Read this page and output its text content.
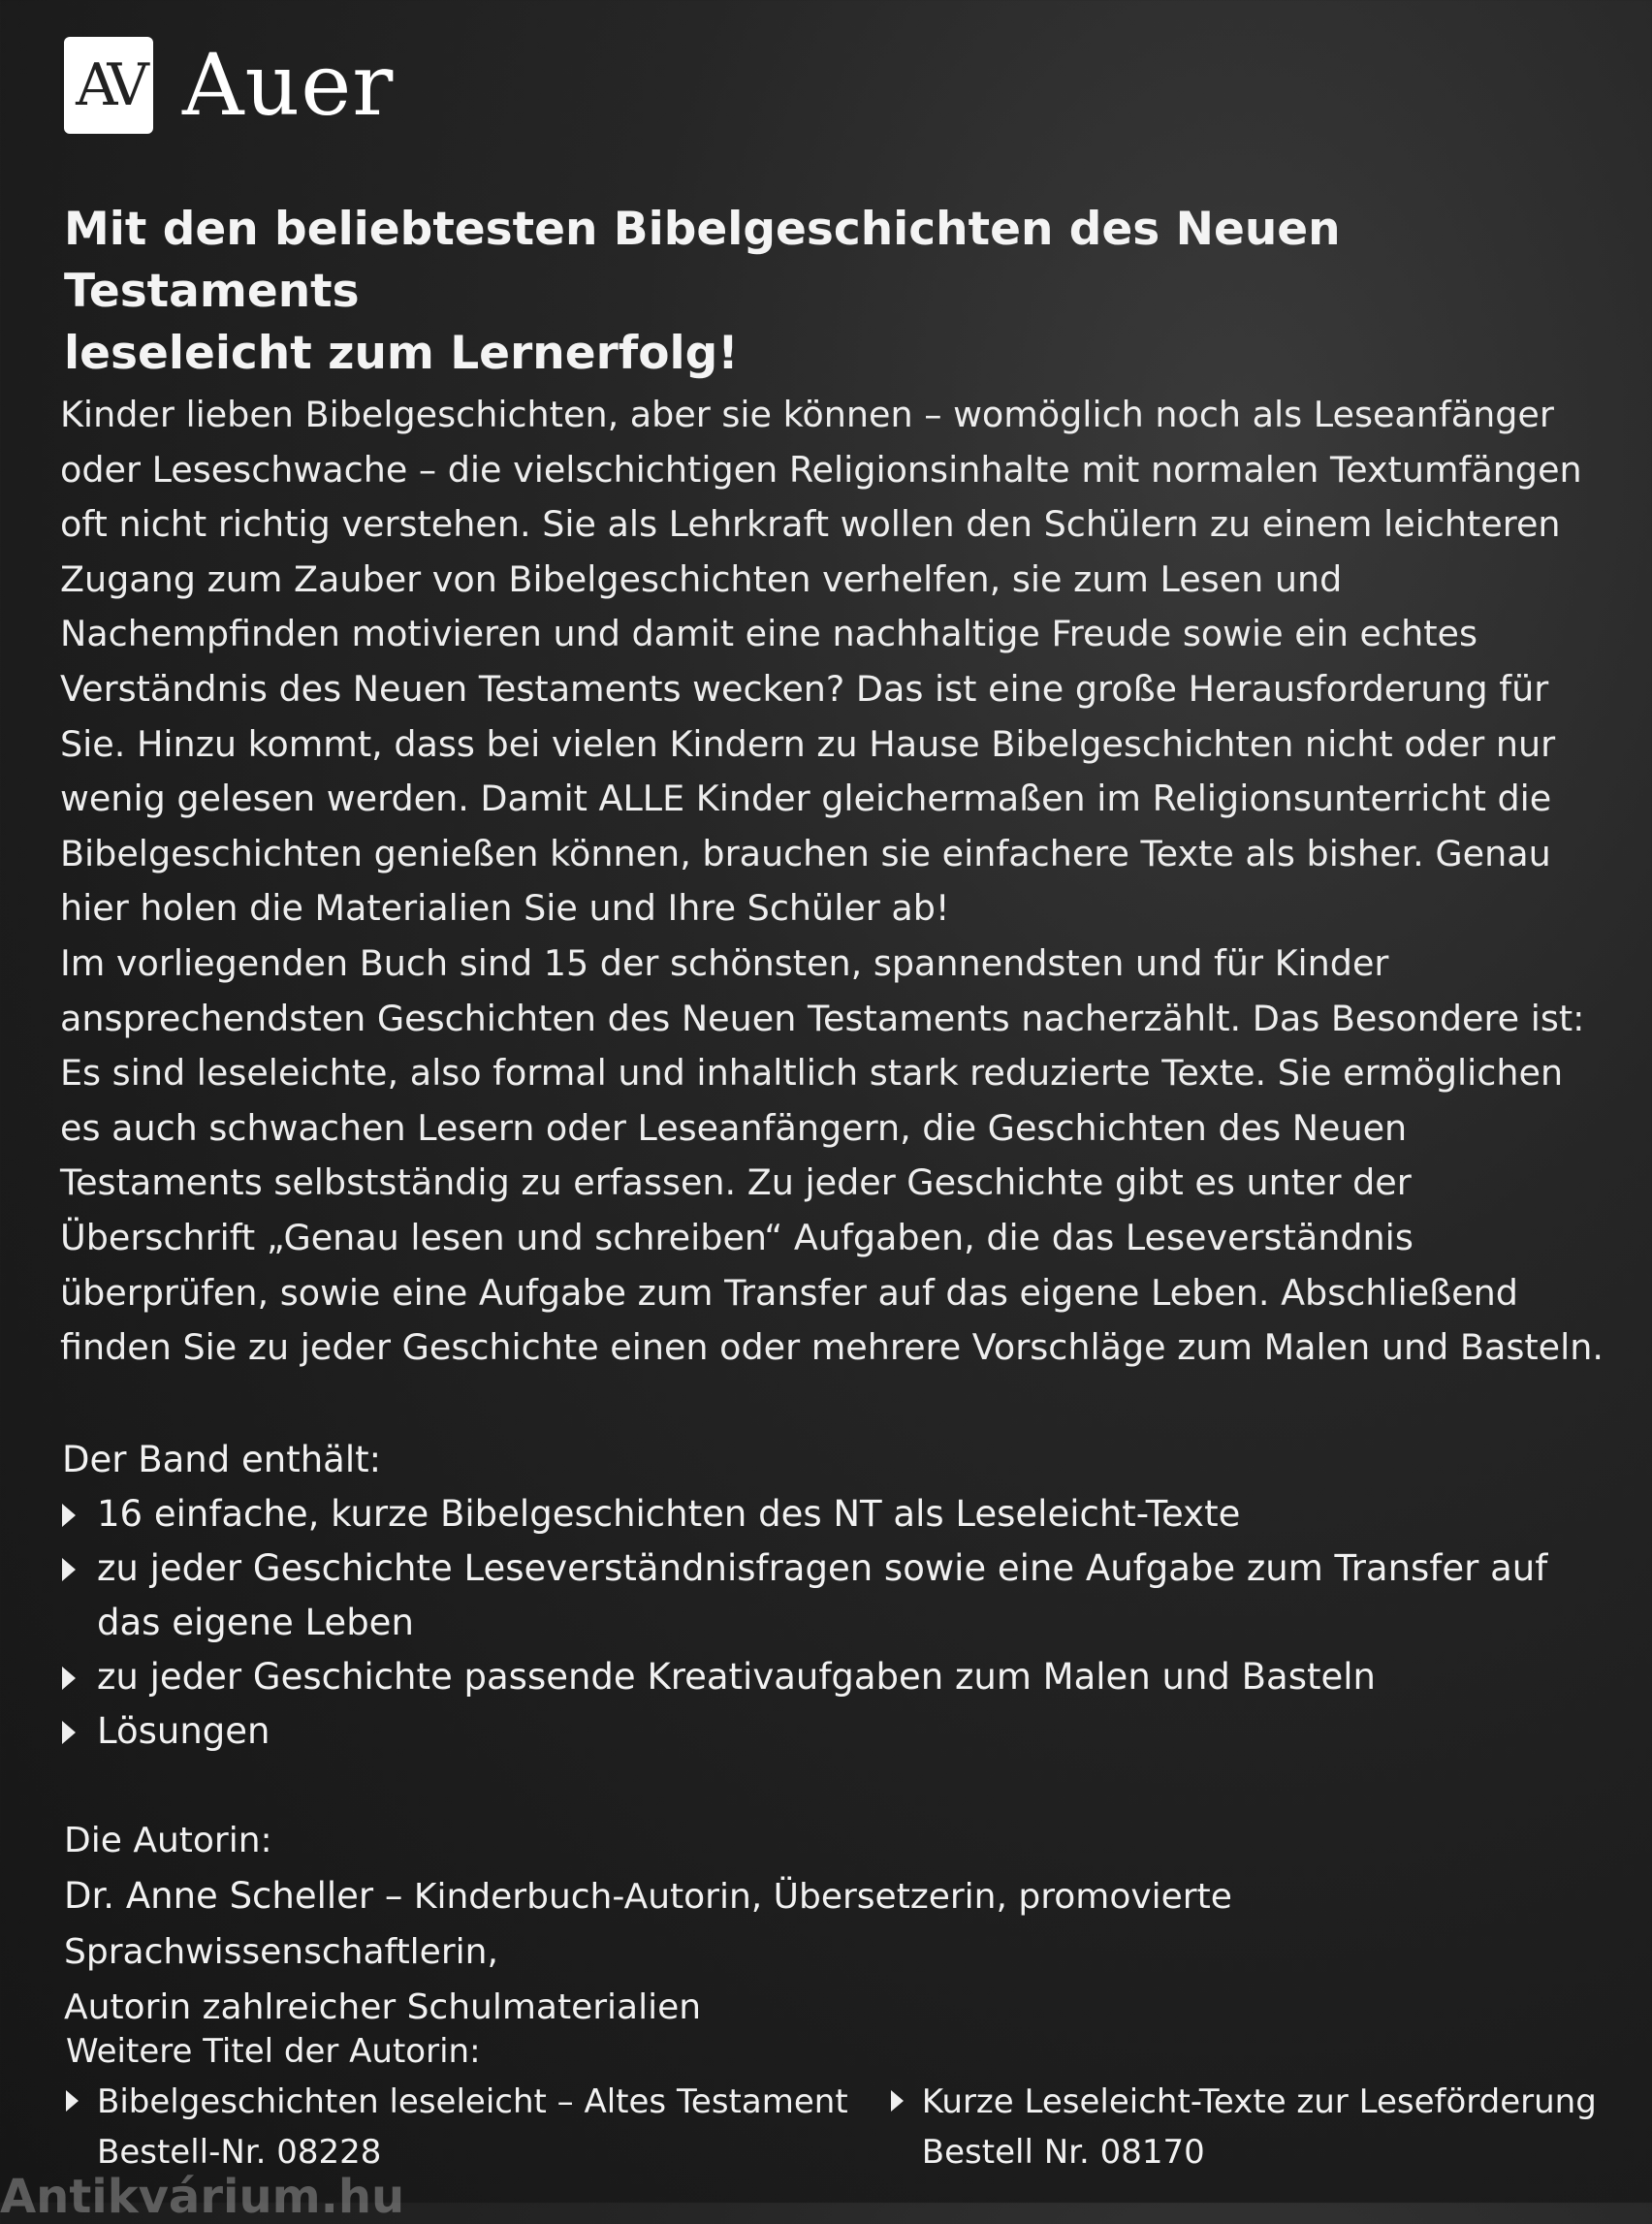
AV Auer
Mit den beliebtesten Bibelgeschichten des Neuen Testaments
leseleicht zum Lernerfolg!

Kinder lieben Bibelgeschichten, aber sie können – womöglich noch als Leseanfänger oder Leseschwache – die vielschichtigen Religionsinhalte mit normalen Textumfängen oft nicht richtig verstehen. Sie als Lehrkraft wollen den Schülern zu einem leichteren Zugang zum Zauber von Bibelgeschichten verhelfen, sie zum Lesen und Nachempfinden motivieren und damit eine nachhaltige Freude sowie ein echtes Verständnis des Neuen Testaments wecken? Das ist eine große Herausforderung für Sie. Hinzu kommt, dass bei vielen Kindern zu Hause Bibelgeschichten nicht oder nur wenig gelesen werden. Damit ALLE Kinder gleichermaßen im Religionsunterricht die Bibelgeschichten genießen können, brauchen sie einfachere Texte als bisher. Genau hier holen die Materialien Sie und Ihre Schüler ab!

Im vorliegenden Buch sind 15 der schönsten, spannendsten und für Kinder ansprechendsten Geschichten des Neuen Testaments nacherzählt. Das Besondere ist: Es sind leseleichte, also formal und inhaltlich stark reduzierte Texte. Sie ermöglichen es auch schwachen Lesern oder Leseanfängern, die Geschichten des Neuen Testaments selbstständig zu erfassen. Zu jeder Geschichte gibt es unter der Überschrift „Genau lesen und schreiben“ Aufgaben, die das Leseverständnis überprüfen, sowie eine Aufgabe zum Transfer auf das eigene Leben. Abschließend finden Sie zu jeder Geschichte einen oder mehrere Vorschläge zum Malen und Basteln.

Der Band enthält:

16 einfache, kurze Bibelgeschichten des NT als Leseleicht-Texte
zu jeder Geschichte Leseverständnisfragen sowie eine Aufgabe zum Transfer auf das eigene Leben
zu jeder Geschichte passende Kreativaufgaben zum Malen und Basteln
Lösungen
Die Autorin:
Dr. Anne Scheller – Kinderbuch-Autorin, Übersetzerin, promovierte Sprachwissenschaftlerin,
Autorin zahlreicher Schulmaterialien
Weitere Titel der Autorin:
Bibelgeschichten leseleicht – Altes Testament
Bestell-Nr. 08228
Kurze Leseleicht-Texte zur Leseförderung
Bestell Nr. 08170
Antikvárium.hu
